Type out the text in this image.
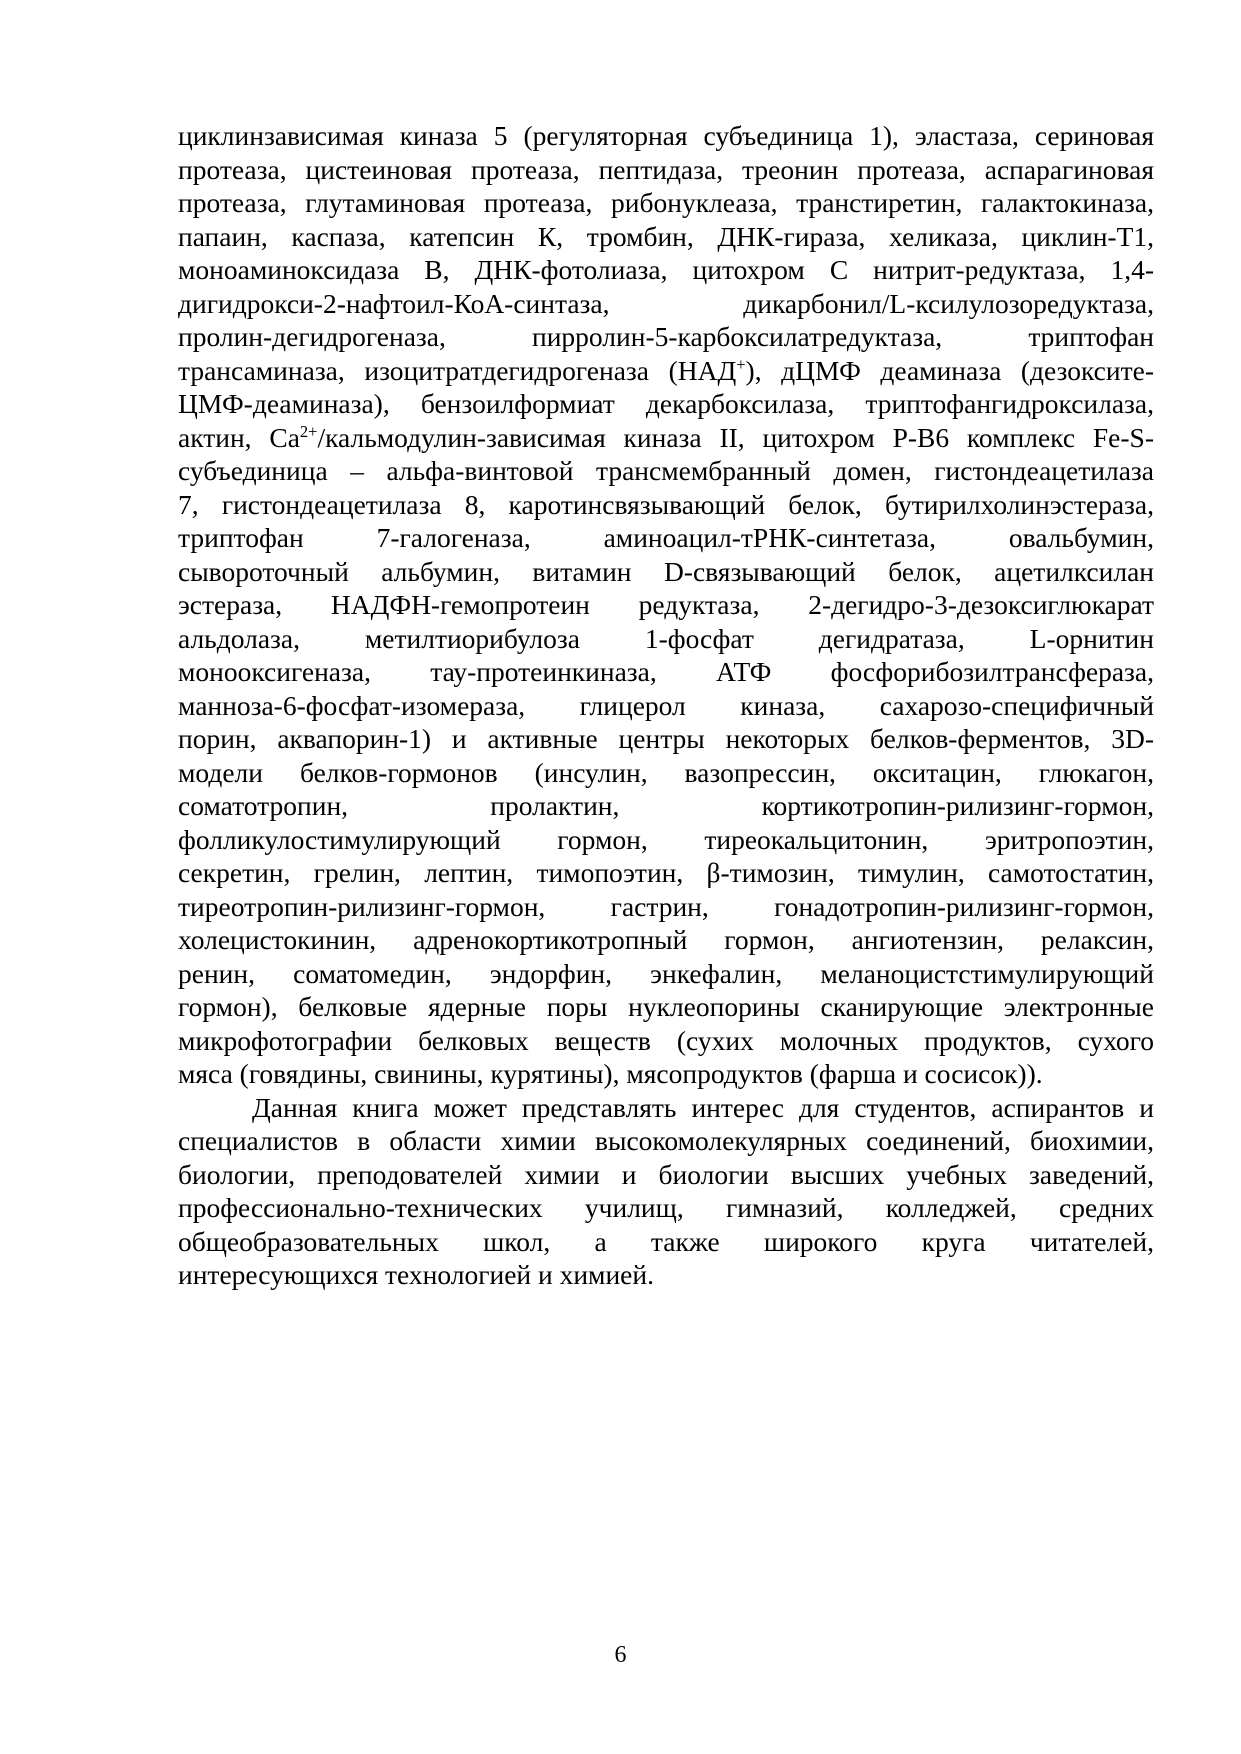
циклинзависимая киназа 5 (регуляторная субъединица 1), эластаза, сериновая
протеаза, цистеиновая протеаза, пептидаза, треонин протеаза, аспарагиновая
протеаза, глутаминовая протеаза, рибонуклеаза, транстиретин, галактокиназа,
папаин, каспаза, катепсин К, тромбин, ДНК-гираза, хеликаза, циклин-Т1,
моноаминоксидаза В, ДНК-фотолиаза, цитохром С нитрит-редуктаза, 1,4-
дигидрокси-2-нафтоил-КоА-синтаза, дикарбонил/L-ксилулозоредуктаза,
пролин-дегидрогеназа, пирролин-5-карбоксилатредуктаза, триптофан
трансаминаза, изоцитратдегидрогеназа (НАД+), дЦМФ деаминаза (дезоксите-
ЦМФ-деаминаза), бензоилформиат декарбоксилаза, триптофангидроксилаза,
актин, $Ca^{2+}/кальмодулин$-зависимая киназа II, цитохром P-B6 комплекс Fe-S-
субъединица – альфа-винтовой трансмембранный домен, гистондеацетилаза
7, гистондеацетилаза 8, каротинсвязывающий белок, бутирилхолинэстераза,
триптофан 7-галогеназа, аминоацил-тРНК-синтетаза, овальбумин,
сывороточный альбумин, витамин D-связывающий белок, ацетилксилан
эстераза, НАДФН-гемопротеин редуктаза, 2-дегидро-3-дезоксиглюкарат
альдолаза, метилтиорибулоза 1-фосфат дегидратаза, L-орнитин
монооксигеназа, тау-протеинкиназа, АТФ фосфорибозилтрансфераза,
манноза-6-фосфат-изомераза, глицерол киназа, сахарозо-специфичный
порин, аквапорин-1) и активные центры некоторых белков-ферментов, 3D-
модели белков-гормонов (инсулин, вазопрессин, окситацин, глюкагон,
соматотропин, пролактин, кортикотропин-рилизинг-гормон,
фолликулостимулирующий гормон, тиреокальцитонин, эритропоэтин,
секретин, грелин, лептин, тимопоэтин, β-тимозин, тимулин, самотостатин,
тиреотропин-рилизинг-гормон, гастрин, гонадотропин-рилизинг-гормон,
холецистокинин, адренокортикотропный гормон, ангиотензин, релаксин,
ренин, соматомедин, эндорфин, энкефалин, меланоцистстимулирующий
гормон), белковые ядерные поры нуклеопорины сканирующие электронные
микрофотографии белковых веществ (сухих молочных продуктов, сухого
мяса (говядины, свинины, курятины), мясопродуктов (фарша и сосисок)).

Данная книга может представлять интерес для студентов, аспирантов и
специалистов в области химии высокомолекулярных соединений, биохимии,
биологии, преподователей химии и биологии высших учебных заведений,
профессионально-технических училищ, гимназий, колледжей, средних
общеобразовательных школ, а также широкого круга читателей,
интересующихся технологией и химией.

6
